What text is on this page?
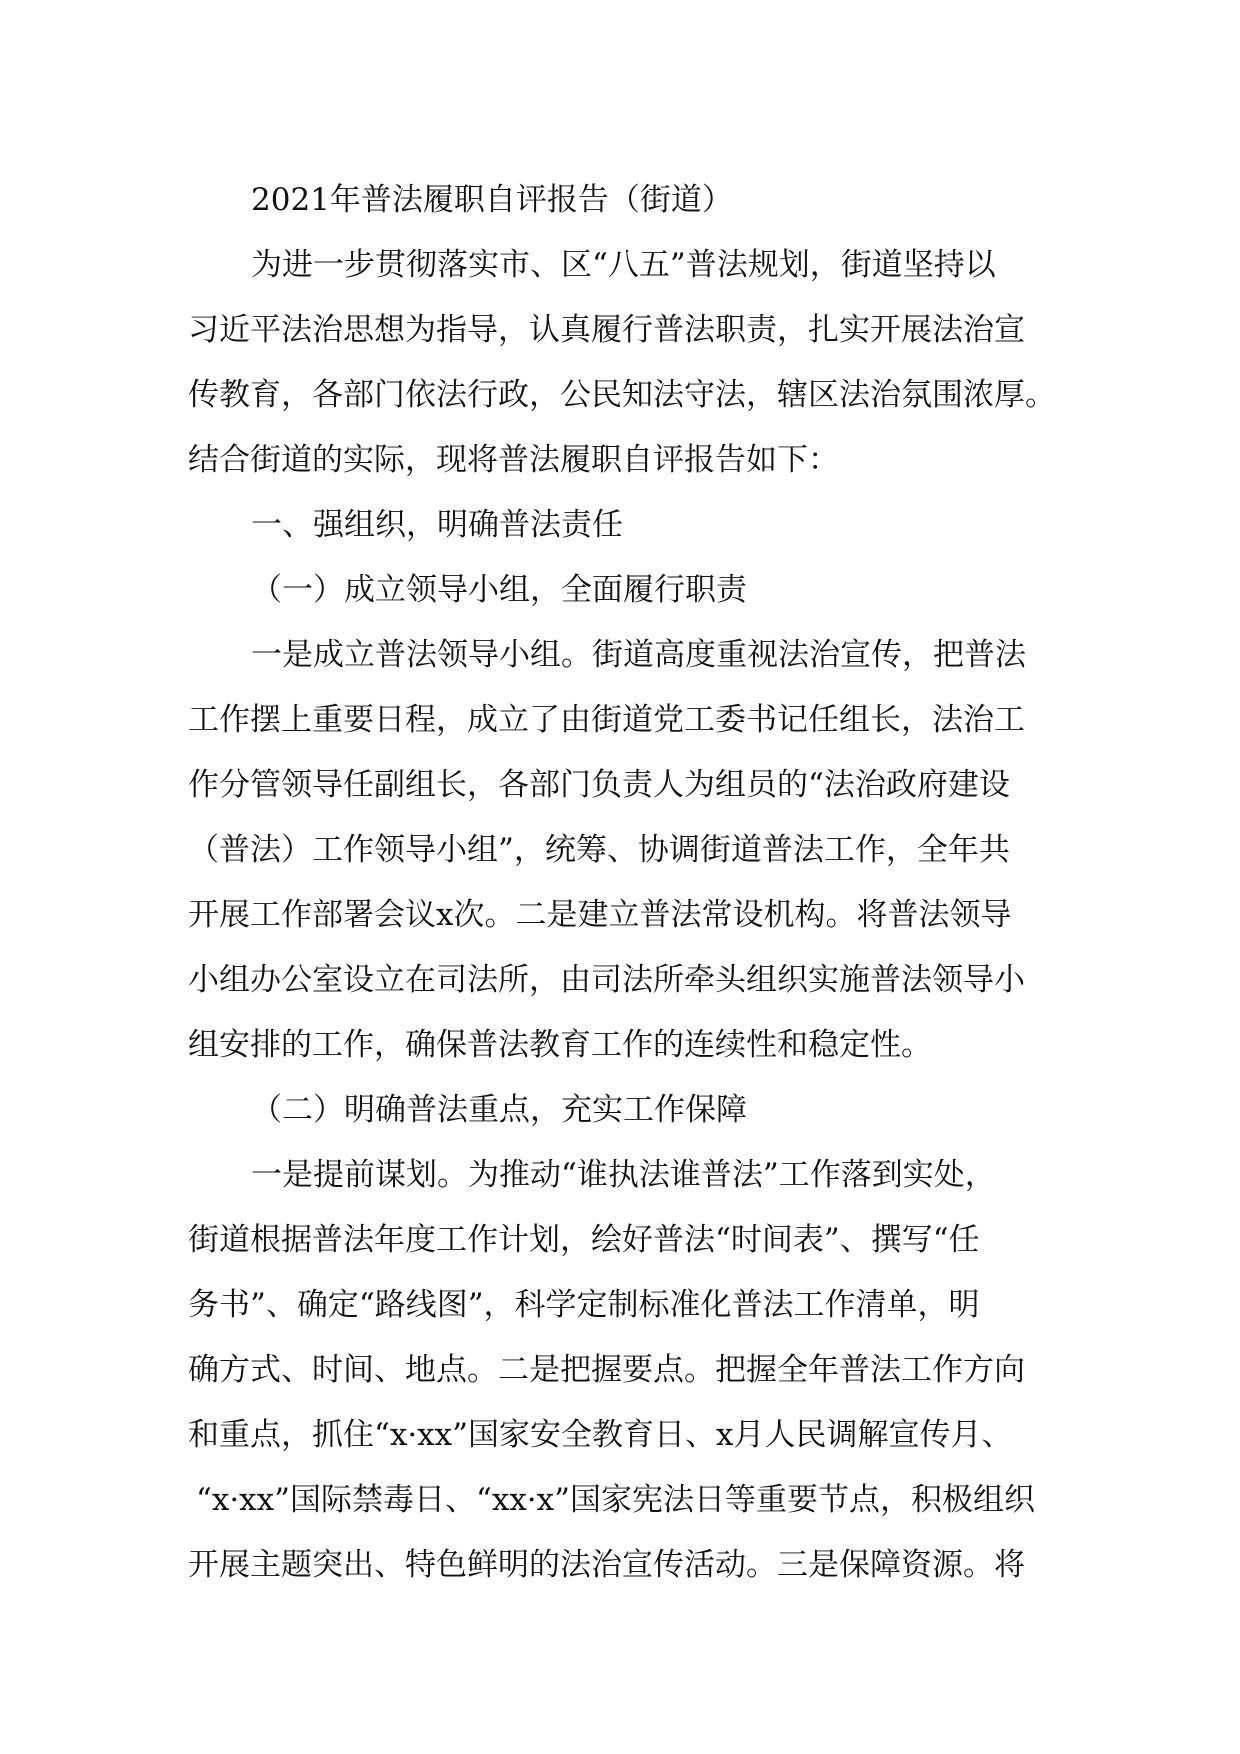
2021年普法履职自评报告（街道）
为进一步贯彻落实市、区“八五”普法规划，街道坚持以
习近平法治思想为指导，认真履行普法职责，扎实开展法治宣
传教育，各部门依法行政，公民知法守法，辖区法治氛围浓厚。
结合街道的实际，现将普法履职自评报告如下：
一、强组织，明确普法责任
（一）成立领导小组，全面履行职责
一是成立普法领导小组。街道高度重视法治宣传，把普法
工作摆上重要日程，成立了由街道党工委书记任组长，法治工
作分管领导任副组长，各部门负责人为组员的“法治政府建设
（普法）工作领导小组”，统筹、协调街道普法工作，全年共
开展工作部署会议x次。二是建立普法常设机构。将普法领导
小组办公室设立在司法所，由司法所牵头组织实施普法领导小
组安排的工作，确保普法教育工作的连续性和稳定性。
（二）明确普法重点，充实工作保障
一是提前谋划。为推动“谁执法谁普法”工作落到实处，
街道根据普法年度工作计划，绘好普法“时间表”、撰写“任
务书”、确定“路线图”，科学定制标准化普法工作清单，明
确方式、时间、地点。二是把握要点。把握全年普法工作方向
和重点，抓住“x·xx”国家安全教育日、x月人民调解宣传月、
“x·xx”国际禁毒日、“xx·x”国家宪法日等重要节点，积极组织
开展主题突出、特色鲜明的法治宣传活动。三是保障资源。将
